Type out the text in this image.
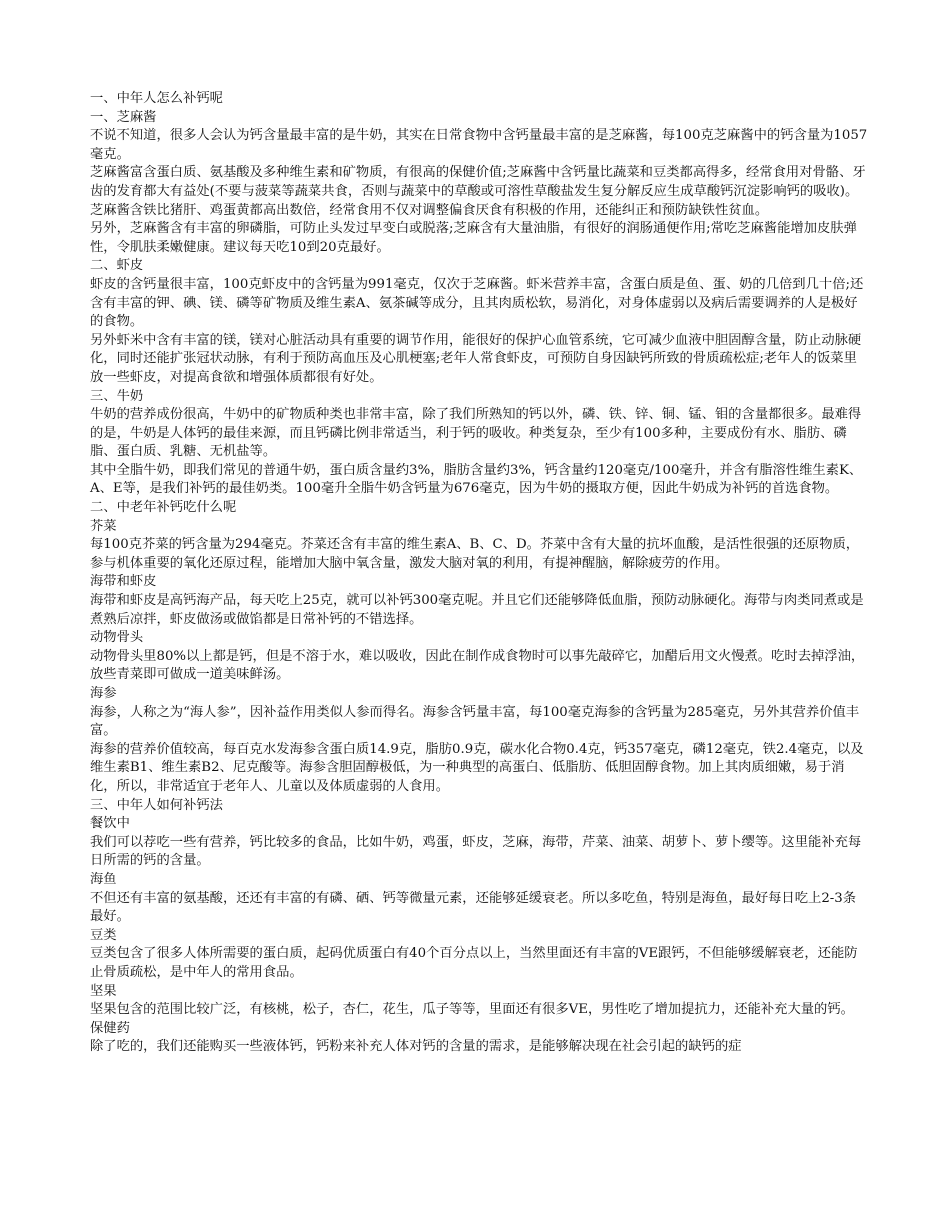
一、中年人怎么补钙呢

一、芝麻酱

不说不知道，很多人会认为钙含量最丰富的是牛奶，其实在日常食物中含钙量最丰富的是芝麻酱，每100克芝麻酱中的钙含量为1057毫克。

芝麻酱富含蛋白质、氨基酸及多种维生素和矿物质，有很高的保健价值;芝麻酱中含钙量比蔬菜和豆类都高得多，经常食用对骨骼、牙齿的发育都大有益处(不要与菠菜等蔬菜共食，否则与蔬菜中的草酸或可溶性草酸盐发生复分解反应生成草酸钙沉淀影响钙的吸收)。芝麻酱含铁比猪肝、鸡蛋黄都高出数倍，经常食用不仅对调整偏食厌食有积极的作用，还能纠正和预防缺铁性贫血。

另外，芝麻酱含有丰富的卵磷脂，可防止头发过早变白或脱落;芝麻含有大量油脂，有很好的润肠通便作用;常吃芝麻酱能增加皮肤弹性，令肌肤柔嫩健康。建议每天吃10到20克最好。

二、虾皮

虾皮的含钙量很丰富，100克虾皮中的含钙量为991毫克，仅次于芝麻酱。虾米营养丰富，含蛋白质是鱼、蛋、奶的几倍到几十倍;还含有丰富的钾、碘、镁、磷等矿物质及维生素A、氨茶碱等成分，且其肉质松软，易消化，对身体虚弱以及病后需要调养的人是极好的食物。

另外虾米中含有丰富的镁，镁对心脏活动具有重要的调节作用，能很好的保护心血管系统，它可减少血液中胆固醇含量，防止动脉硬化，同时还能扩张冠状动脉，有利于预防高血压及心肌梗塞;老年人常食虾皮，可预防自身因缺钙所致的骨质疏松症;老年人的饭菜里放一些虾皮，对提高食欲和增强体质都很有好处。

三、牛奶

牛奶的营养成份很高，牛奶中的矿物质种类也非常丰富，除了我们所熟知的钙以外，磷、铁、锌、铜、锰、钼的含量都很多。最难得的是，牛奶是人体钙的最佳来源，而且钙磷比例非常适当，利于钙的吸收。种类复杂，至少有100多种，主要成份有水、脂肪、磷脂、蛋白质、乳糖、无机盐等。

其中全脂牛奶，即我们常见的普通牛奶，蛋白质含量约3%，脂肪含量约3%，钙含量约120毫克/100毫升，并含有脂溶性维生素K、A、E等，是我们补钙的最佳奶类。100毫升全脂牛奶含钙量为676毫克，因为牛奶的摄取方便，因此牛奶成为补钙的首选食物。

二、中老年补钙吃什么呢

芥菜

每100克芥菜的钙含量为294毫克。芥菜还含有丰富的维生素A、B、C、D。芥菜中含有大量的抗坏血酸，是活性很强的还原物质，参与机体重要的氧化还原过程，能增加大脑中氧含量，激发大脑对氧的利用，有提神醒脑，解除疲劳的作用。

海带和虾皮

海带和虾皮是高钙海产品，每天吃上25克，就可以补钙300毫克呢。并且它们还能够降低血脂，预防动脉硬化。海带与肉类同煮或是煮熟后凉拌，虾皮做汤或做馅都是日常补钙的不错选择。

动物骨头

动物骨头里80%以上都是钙，但是不溶于水，难以吸收，因此在制作成食物时可以事先敲碎它，加醋后用文火慢煮。吃时去掉浮油，放些青菜即可做成一道美味鲜汤。

海参

海参，人称之为“海人参”，因补益作用类似人参而得名。海参含钙量丰富，每100毫克海参的含钙量为285毫克，另外其营养价值丰富。

海参的营养价值较高，每百克水发海参含蛋白质14.9克，脂肪0.9克，碳水化合物0.4克，钙357毫克，磷12毫克，铁2.4毫克，以及维生素B1、维生素B2、尼克酸等。海参含胆固醇极低，为一种典型的高蛋白、低脂肪、低胆固醇食物。加上其肉质细嫩，易于消化，所以，非常适宜于老年人、儿童以及体质虚弱的人食用。

三、中年人如何补钙法

餐饮中

我们可以荐吃一些有营养，钙比较多的食品，比如牛奶，鸡蛋，虾皮，芝麻，海带，芹菜、油菜、胡萝卜、萝卜缨等。这里能补充每日所需的钙的含量。

海鱼

不但还有丰富的氨基酸，还还有丰富的有磷、硒、钙等微量元素，还能够延缓衰老。所以多吃鱼，特别是海鱼，最好每日吃上2-3条最好。

豆类

豆类包含了很多人体所需要的蛋白质，起码优质蛋白有40个百分点以上，当然里面还有丰富的VE跟钙，不但能够缓解衰老，还能防止骨质疏松，是中年人的常用食品。

坚果

坚果包含的范围比较广泛，有核桃，松子，杏仁，花生，瓜子等等，里面还有很多VE，男性吃了增加提抗力，还能补充大量的钙。

保健药

除了吃的，我们还能购买一些液体钙，钙粉来补充人体对钙的含量的需求，是能够解决现在社会引起的缺钙的症
